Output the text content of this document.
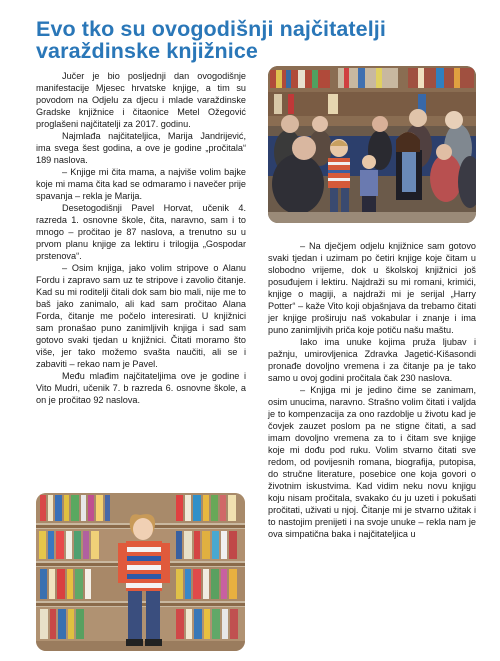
Evo tko su ovogodišnji najčitatelji varaždinske knjižnice

Jučer je bio posljednji dan ovogodišnje manifestacije Mjesec hrvatske knjige, a tim su povodom na Odjelu za djecu i mlade varaždinske Gradske knjižnice i čitaonice Metel Ožegović proglašeni najčitatelji za 2017. godinu.

Najmlađa najčitateljica, Marija Jandrijević, ima svega šest godina, a ove je godine „pročitala“ 189 naslova.

– Knjige mi čita mama, a najviše volim bajke koje mi mama čita kad se odmaramo i navečer prije spavanja – rekla je Marija.

Desetogodišnji Pavel Horvat, učenik 4. razreda 1. osnovne škole, čita, naravno, sam i to mnogo – pročitao je 87 naslova, a trenutno su u prvom planu knjige za lektiru i trilogija „Gospodar prstenova“.

– Osim knjiga, jako volim stripove o Alanu Fordu i zapravo sam uz te stripove i zavolio čitanje. Kad su mi roditelji čitali dok sam bio mali, nije me to baš jako zanimalo, ali kad sam pročitao Alana Forda, čitanje me počelo interesirati. U knjižnici sam pronašao puno zanimljivih knjiga i sad sam gotovo svaki tjedan u knjižnici. Čitati moramo što više, jer tako možemo svašta naučiti, ali se i zabaviti – rekao nam je Pavel.

Među mlađim najčitateljima ove je godine i Vito Mudri, učenik 7. b razreda 6. osnovne škole, a on je pročitao 92 naslova.

– Na dječjem odjelu knjižnice sam gotovo svaki tjedan i uzimam po četiri knjige koje čitam u slobodno vrijeme, dok u školskoj knjižnici još posuđujem i lektiru. Najdraži su mi romani, krimići, knjige o magiji, a najdraži mi je serijal „Harry Potter“ – kaže Vito koji objašnjava da trebamo čitati jer knjige proširuju naš vokabular i znanje i ima puno zanimljivih priča koje potiču našu maštu.

Iako ima unuke kojima pruža ljubav i pažnju, umirovljenica Zdravka Jagetić-Kišasondi pronađe dovoljno vremena i za čitanje pa je tako samo u ovoj godini pročitala čak 230 naslova.

– Knjiga mi je jedino čime se zanimam, osim unucima, naravno. Strašno volim čitati i valjda je to kompenzacija za ono razdoblje u životu kad je čovjek zauzet poslom pa ne stigne čitati, a sad imam dovoljno vremena za to i čitam sve knjige koje mi dođu pod ruku. Volim stvarno čitati sve redom, od povijesnih romana, biografija, putopisa, do stručne literature, posebice one koja govori o životnim iskustvima. Kad vidim neku novu knjigu koju nisam pročitala, svakako ću ju uzeti i pokušati pročitati, uživati u njoj. Čitanje mi je stvarno užitak i to nastojim prenijeti i na svoje unuke – rekla nam je ova simpatična baka i najčitateljica u
